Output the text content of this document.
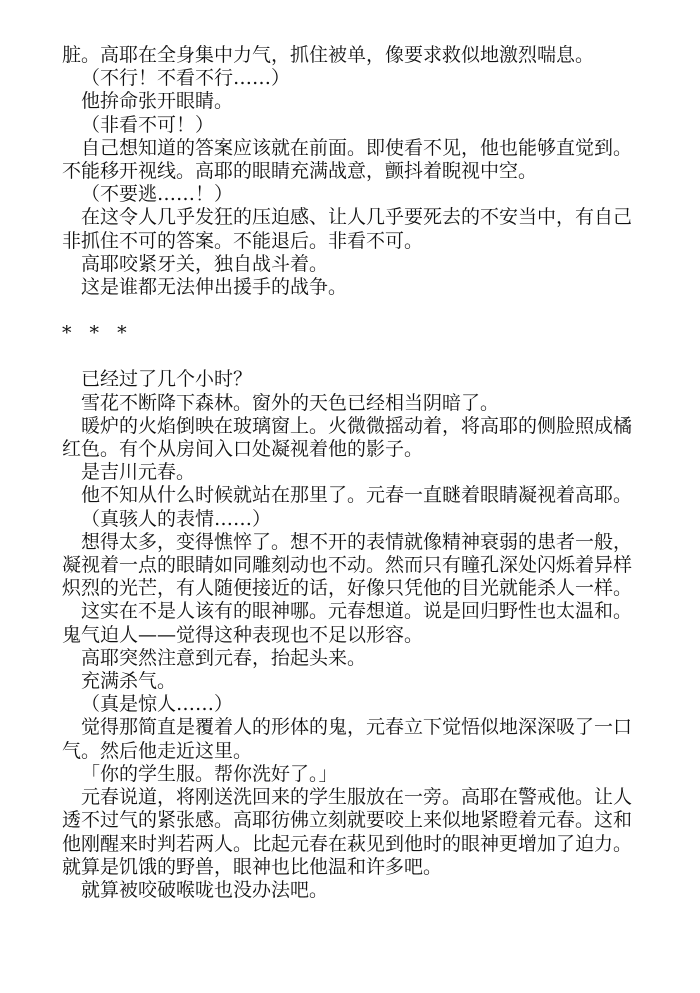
脏。高耶在全身集中力气，抓住被单，像要求救似地激烈喘息。

（不行！不看不行……）

他拚命张开眼睛。

（非看不可！）

自己想知道的答案应该就在前面。即使看不见，他也能够直觉到。不能移开视线。高耶的眼睛充满战意，颤抖着睨视中空。

（不要逃……！）

在这令人几乎发狂的压迫感、让人几乎要死去的不安当中，有自己非抓住不可的答案。不能退后。非看不可。

高耶咬紧牙关，独自战斗着。

这是谁都无法伸出援手的战争。

* * *

已经过了几个小时？

雪花不断降下森林。窗外的天色已经相当阴暗了。

暖炉的火焰倒映在玻璃窗上。火微微摇动着，将高耶的侧脸照成橘红色。有个从房间入口处凝视着他的影子。

是吉川元春。

他不知从什么时候就站在那里了。元春一直瞇着眼睛凝视着高耶。

（真骇人的表情……）

想得太多，变得憔悴了。想不开的表情就像精神衰弱的患者一般，凝视着一点的眼睛如同雕刻动也不动。然而只有瞳孔深处闪烁着异样炽烈的光芒，有人随便接近的话，好像只凭他的目光就能杀人一样。

这实在不是人该有的眼神哪。元春想道。说是回归野性也太温和。鬼气迫人——觉得这种表现也不足以形容。

高耶突然注意到元春，抬起头来。

充满杀气。

（真是惊人……）

觉得那简直是覆着人的形体的鬼，元春立下觉悟似地深深吸了一口气。然后他走近这里。

「你的学生服。帮你洗好了。」

元春说道，将刚送洗回来的学生服放在一旁。高耶在警戒他。让人透不过气的紧张感。高耶彷佛立刻就要咬上来似地紧瞪着元春。这和他刚醒来时判若两人。比起元春在萩见到他时的眼神更增加了迫力。就算是饥饿的野兽，眼神也比他温和许多吧。

就算被咬破喉咙也没办法吧。
